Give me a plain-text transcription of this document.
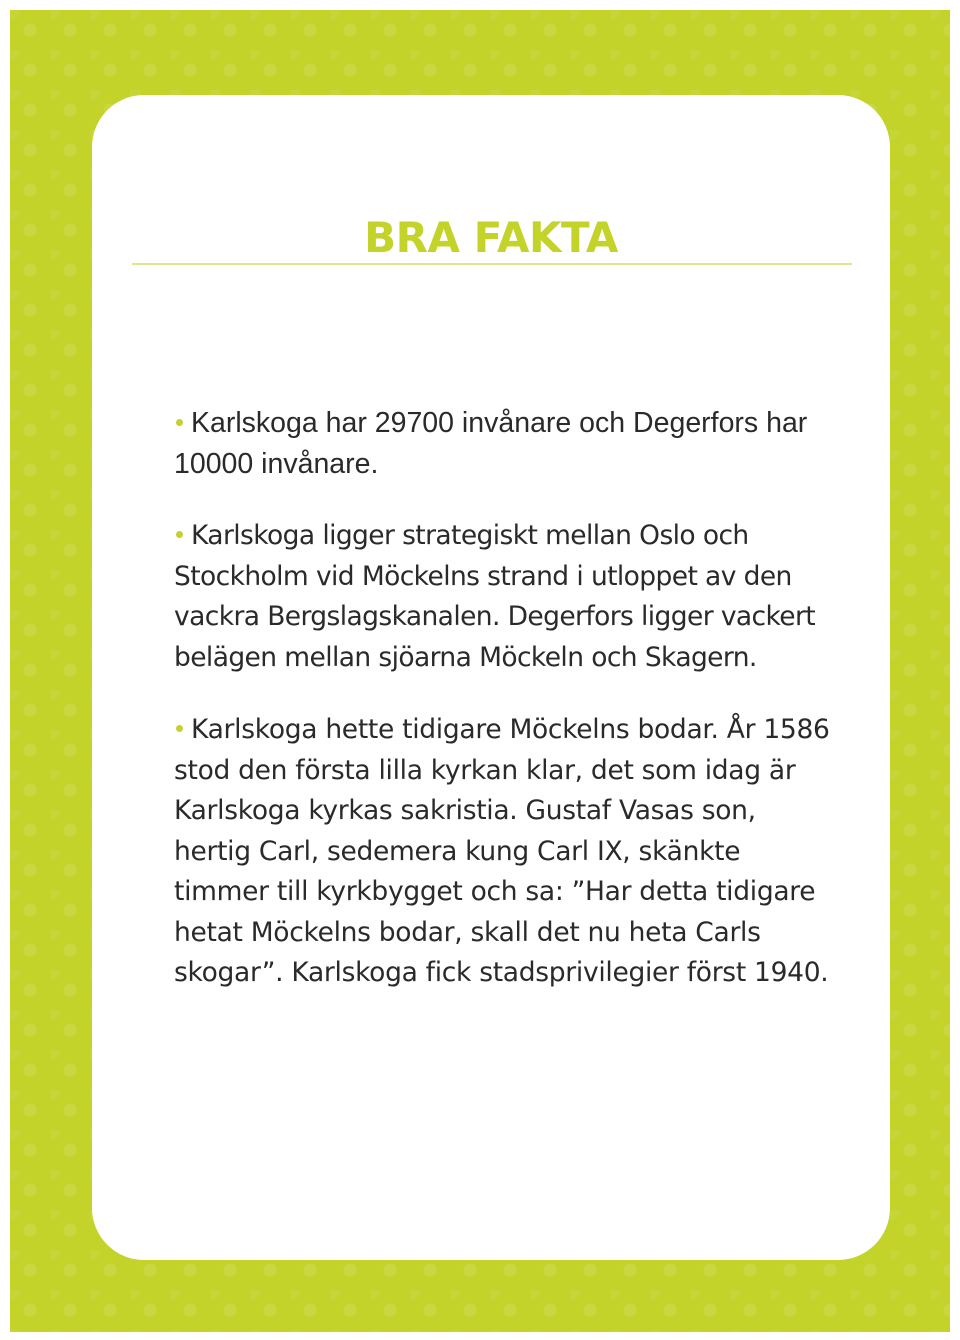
BRA FAKTA
Karlskoga har 29700 invånare och Degerfors har 10000 invånare.
Karlskoga ligger strategiskt mellan Oslo och Stockholm vid Möckelns strand i utloppet av den vackra Bergslagskanalen. Degerfors ligger vackert belägen mellan sjöarna Möckeln och Skagern.
Karlskoga hette tidigare Möckelns bodar. År 1586 stod den första lilla kyrkan klar, det som idag är Karlskoga kyrkas sakristia. Gustaf Vasas son, hertig Carl, sedemera kung Carl IX, skänkte timmer till kyrkbygget och sa: ”Har detta tidigare hetat Möckelns bodar, skall det nu heta Carls skogar”. Karlskoga fick stadsprivilegier först 1940.
